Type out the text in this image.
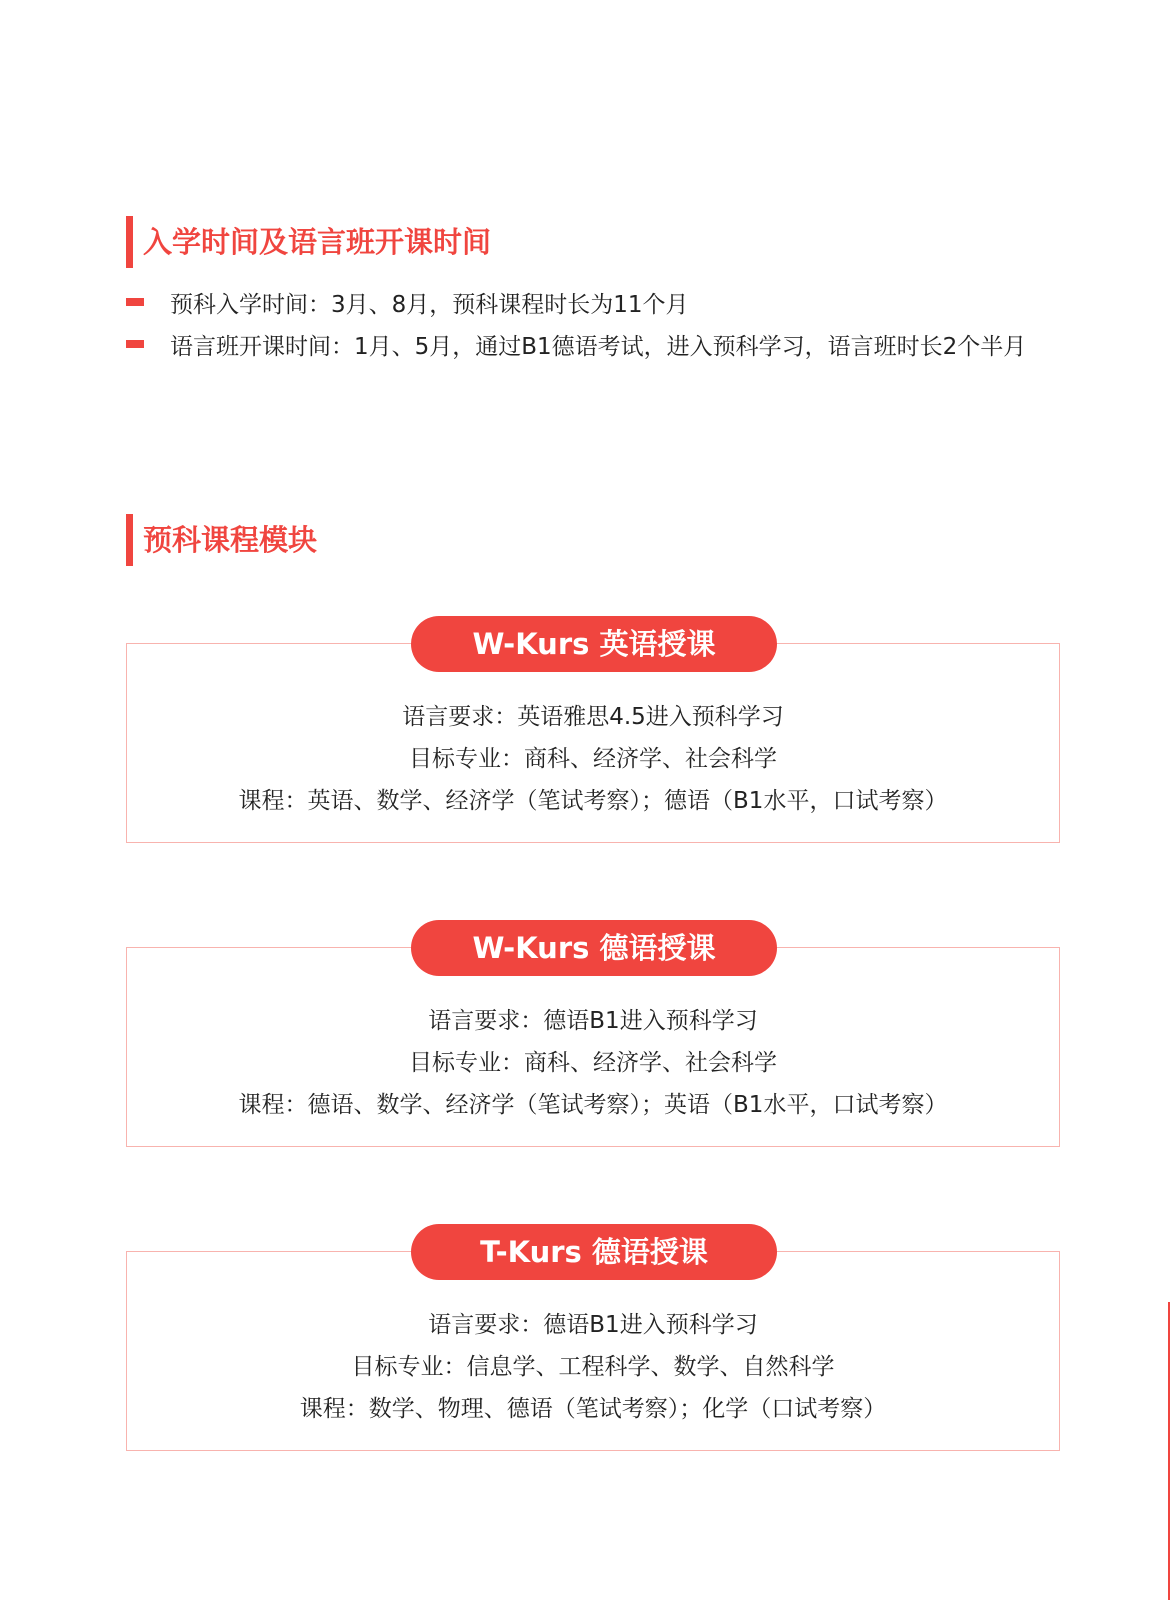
入学时间及语言班开课时间
预科入学时间：3月、8月，预科课程时长为11个月
语言班开课时间：1月、5月，通过B1德语考试，进入预科学习，语言班时长2个半月
预科课程模块
W-Kurs 英语授课
语言要求：英语雅思4.5进入预科学习
目标专业：商科、经济学、社会科学
课程：英语、数学、经济学（笔试考察）；德语（B1水平，口试考察）
W-Kurs 德语授课
语言要求：德语B1进入预科学习
目标专业：商科、经济学、社会科学
课程：德语、数学、经济学（笔试考察）；英语（B1水平，口试考察）
T-Kurs 德语授课
语言要求：德语B1进入预科学习
目标专业：信息学、工程科学、数学、自然科学
课程：数学、物理、德语（笔试考察）；化学（口试考察）
